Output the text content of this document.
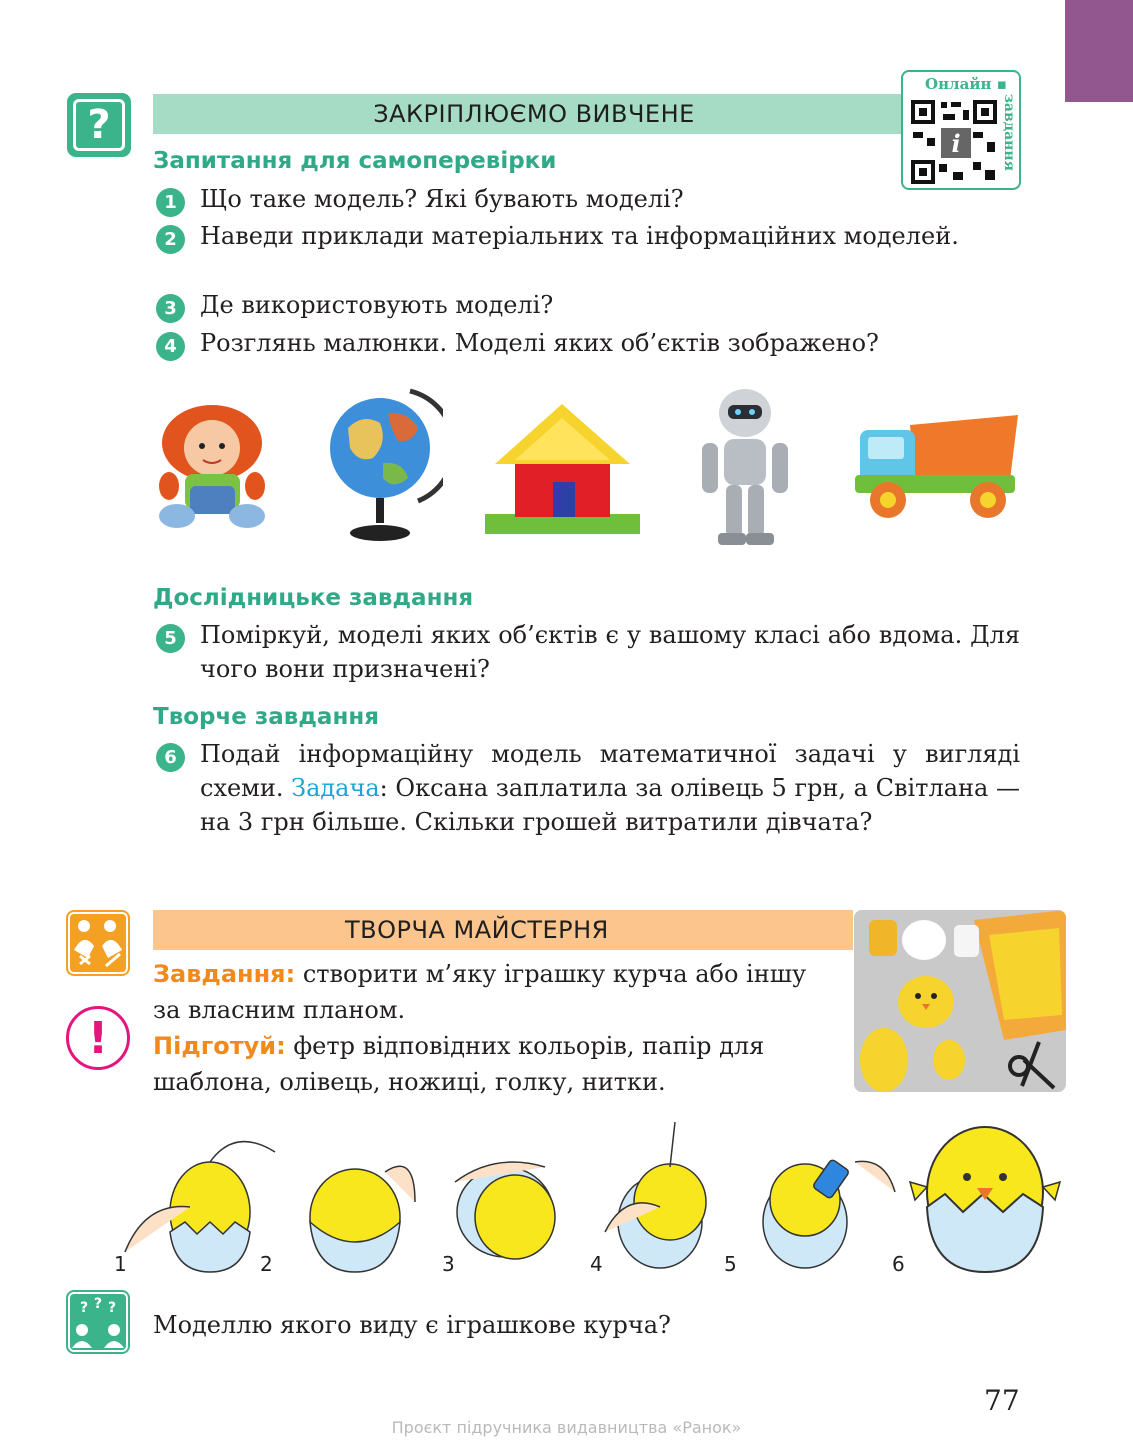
?	ЗАКРІПЛЮЄМО ВИВЧЕНЕ
Онлайн ▪
завдання
i
Запитання для самоперевірки
1 Що таке модель? Які бувають моделі?
2 Наведи приклади матеріальних та інформаційних моделей.
3 Де використовують моделі?
4 Розглянь малюнки. Моделі яких об’єктів зображено?
Дослідницьке завдання
5 Поміркуй, моделі яких об’єктів є у вашому класі або вдома. Для чого вони призначені?
Творче завдання
6 Подай інформаційну модель математичної задачі у вигляді схеми. Задача: Оксана заплатила за олівець 5 грн, а Світлана — на 3 грн більше. Скільки грошей витратили дівчата?
ТВОРЧА МАЙСТЕРНЯ
!
Завдання: створити м’яку іграшку курча або іншу за власним планом.
Підготуй: фетр відповідних кольорів, папір для шаблона, олівець, ножиці, голку, нитки.
1	2	3	4	5	6
? ? ?
Моделлю якого виду є іграшкове курча?
77
Проєкт підручника видавництва «Ранок»
